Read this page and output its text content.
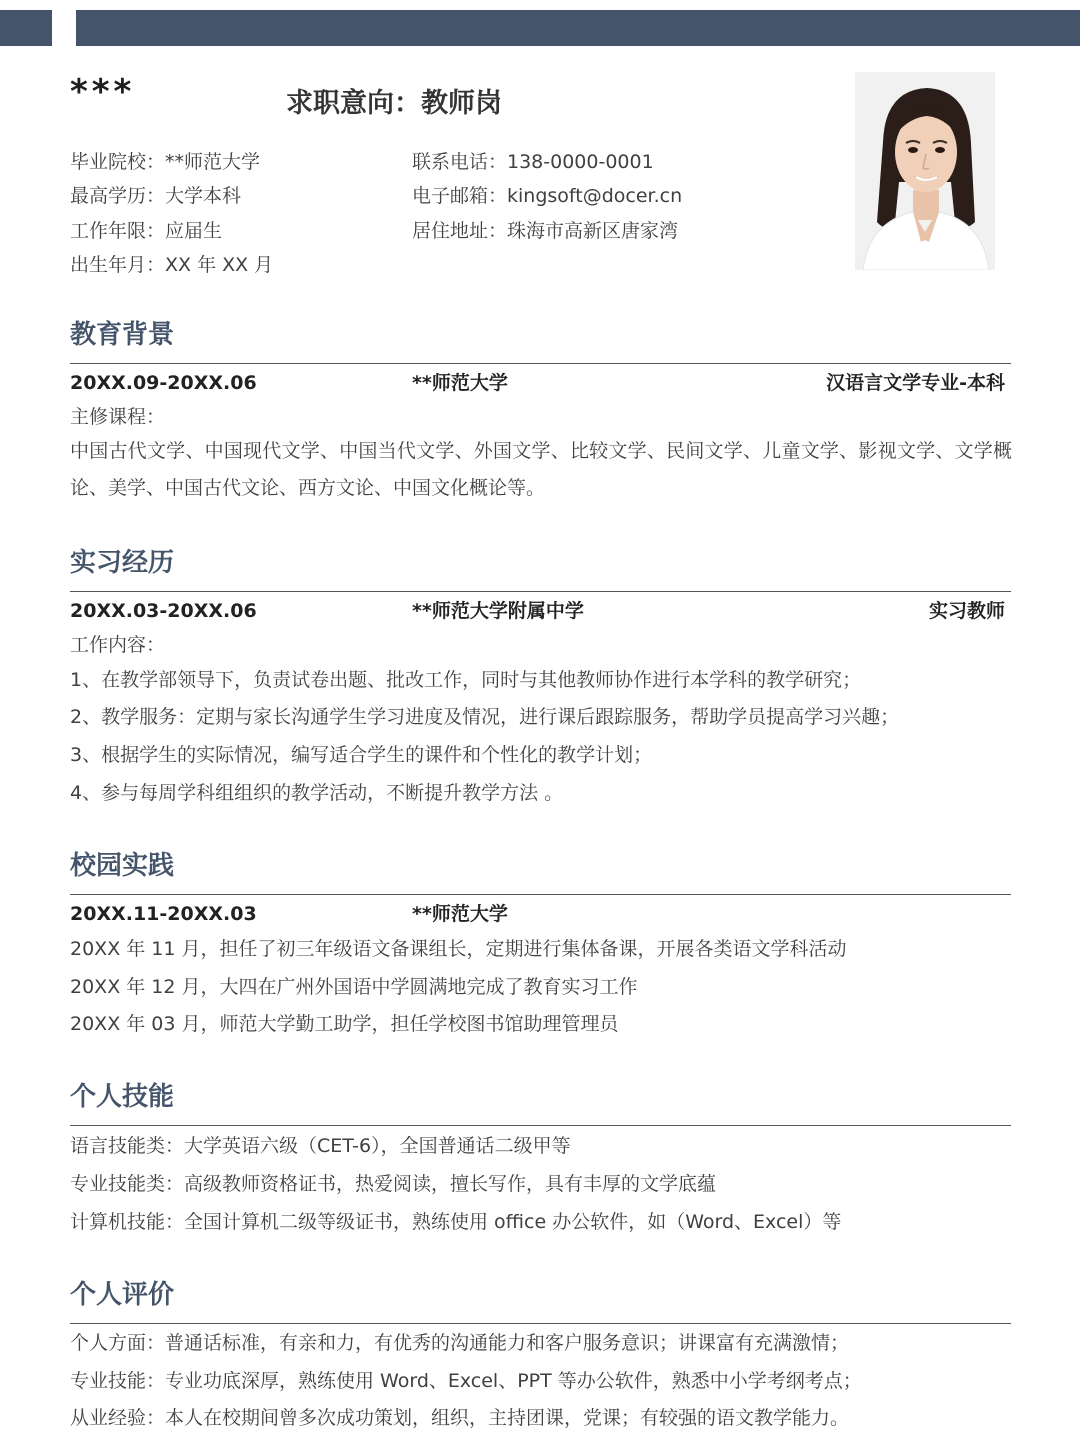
***	求职意向：教师岗
毕业院校：**师范大学
最高学历：大学本科
工作年限：应届生
出生年月：XX 年 XX 月
联系电话：138-0000-0001
电子邮箱：kingsoft@docer.cn
居住地址：珠海市高新区唐家湾
教育背景
20XX.09-20XX.06	**师范大学	汉语言文学专业-本科
主修课程：
中国古代文学、中国现代文学、中国当代文学、外国文学、比较文学、民间文学、儿童文学、影视文学、文学概论、美学、中国古代文论、西方文论、中国文化概论等。
实习经历
20XX.03-20XX.06	**师范大学附属中学	实习教师
工作内容：
1、在教学部领导下，负责试卷出题、批改工作，同时与其他教师协作进行本学科的教学研究；
2、教学服务：定期与家长沟通学生学习进度及情况，进行课后跟踪服务，帮助学员提高学习兴趣；
3、根据学生的实际情况，编写适合学生的课件和个性化的教学计划；
4、参与每周学科组组织的教学活动，不断提升教学方法 。
校园实践
20XX.11-20XX.03	**师范大学
20XX 年 11 月，担任了初三年级语文备课组长，定期进行集体备课，开展各类语文学科活动
20XX 年 12 月，大四在广州外国语中学圆满地完成了教育实习工作
20XX 年 03 月，师范大学勤工助学，担任学校图书馆助理管理员
个人技能
语言技能类：大学英语六级（CET-6），全国普通话二级甲等
专业技能类：高级教师资格证书，热爱阅读，擅长写作，具有丰厚的文学底蕴
计算机技能：全国计算机二级等级证书，熟练使用 office 办公软件，如（Word、Excel）等
个人评价
个人方面：普通话标准，有亲和力，有优秀的沟通能力和客户服务意识；讲课富有充满激情；
专业技能：专业功底深厚，熟练使用 Word、Excel、PPT 等办公软件，熟悉中小学考纲考点；
从业经验：本人在校期间曾多次成功策划，组织，主持团课，党课；有较强的语文教学能力。
